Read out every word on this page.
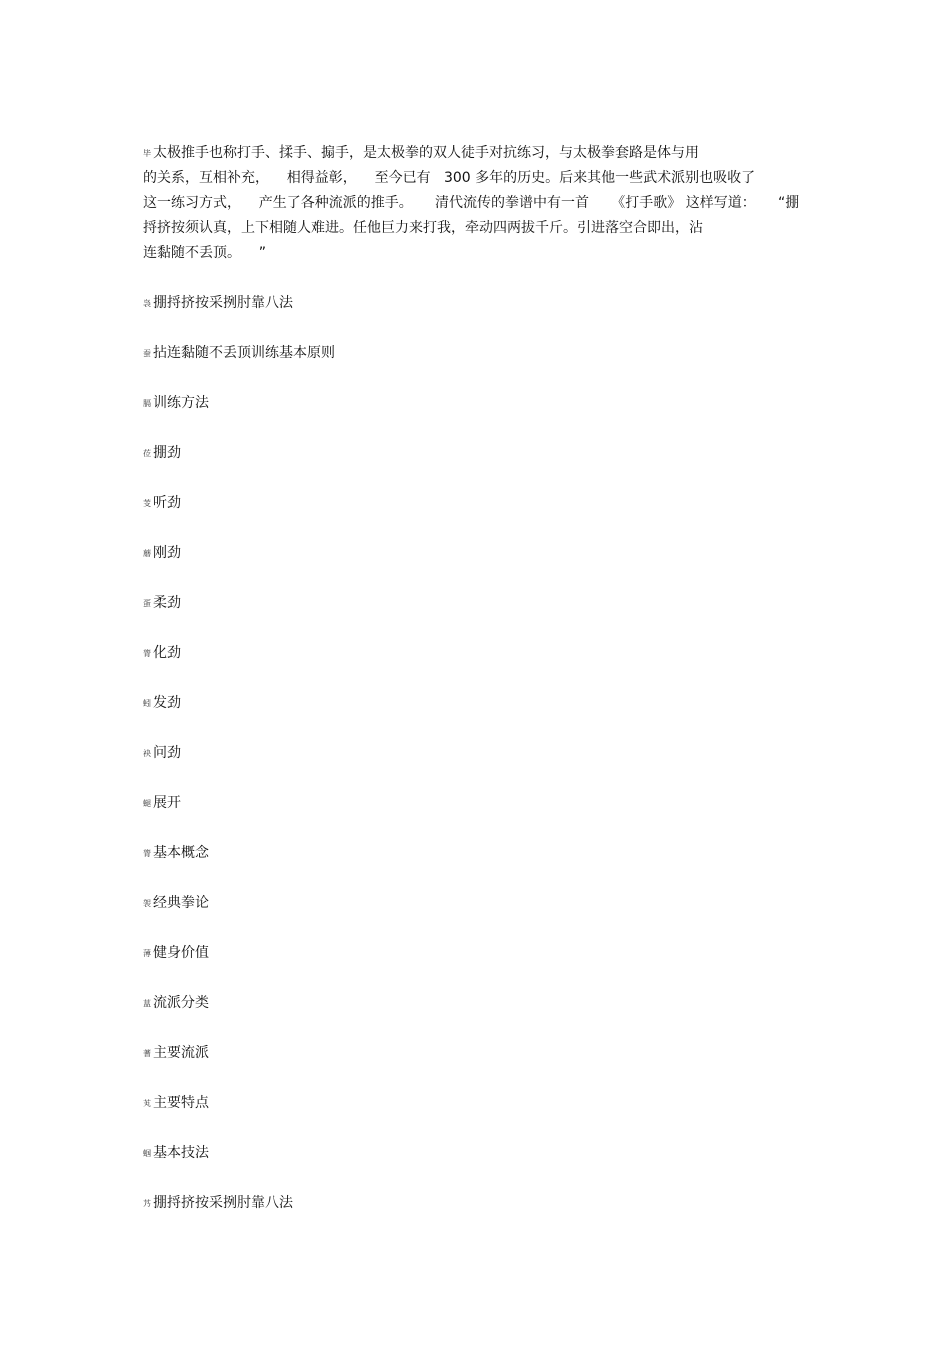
毕 太极推手也称打手、揉手、搧手，是太极拳的双人徒手对抗练习，与太极拳套路是体与用
的关系，互相补充，    相得益彰，    至今已有   300 多年的历史。后来其他一些武术派别也吸收了
这一练习方式，    产生了各种流派的推手。     清代流传的拳谱中有一首     《打手歌》 这样写道：     “掤
捋挤按须认真，上下相随人难进。任他巨力来打我，牵动四两拔千斤。引进落空合即出，沾
连黏随不丢顶。    ”
袅 掤捋挤按采挒肘靠八法
蚕 拈连黏随不丢顶训练基本原则
膈 训练方法
莅 掤劲
芰 听劲
蘑 刚劲
蛋 柔劲
膂 化劲
蚓 发劲
袂 问劲
螁 展开
膂 基本概念
袈 经典拳论
薄 健身价值
蒀 流派分类
蓍 主要流派
芄 主要特点
蝈 基本技法
艿 掤捋挤按采挒肘靠八法
